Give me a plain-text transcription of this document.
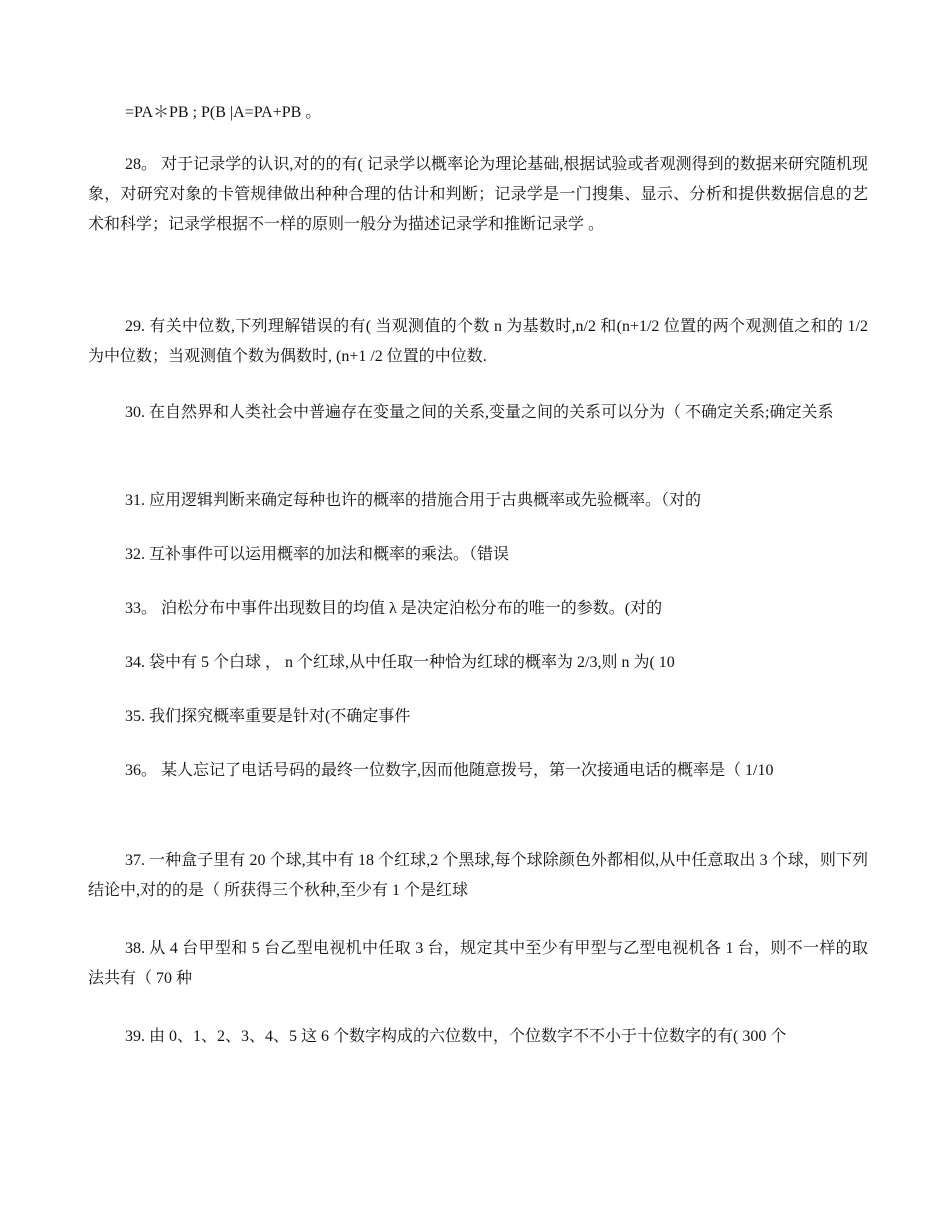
=PA＊PB ; P(B |A=PA+PB 。

28。 对于记录学的认识,对的的有( 记录学以概率论为理论基础,根据试验或者观测得到的数据来研究随机现象，对研究对象的卡管规律做出种种合理的估计和判断；记录学是一门搜集、显示、分析和提供数据信息的艺术和科学；记录学根据不一样的原则一般分为描述记录学和推断记录学 。

29. 有关中位数,下列理解错误的有( 当观测值的个数 n 为基数时,n/2 和(n+1/2 位置的两个观测值之和的 1/2 为中位数；当观测值个数为偶数时, (n+1 /2 位置的中位数.

30. 在自然界和人类社会中普遍存在变量之间的关系,变量之间的关系可以分为（ 不确定关系;确定关系

31. 应用逻辑判断来确定每种也许的概率的措施合用于古典概率或先验概率。（对的

32. 互补事件可以运用概率的加法和概率的乘法。（错误

33。 泊松分布中事件出现数目的均值 λ 是决定泊松分布的唯一的参数。(对的

34. 袋中有 5 个白球 ， n 个红球,从中任取一种恰为红球的概率为 2/3,则 n 为( 10

35. 我们探究概率重要是针对(不确定事件

36。 某人忘记了电话号码的最终一位数字,因而他随意拨号，第一次接通电话的概率是（ 1/10

37. 一种盒子里有 20 个球,其中有 18 个红球,2 个黑球,每个球除颜色外都相似,从中任意取出 3 个球，则下列结论中,对的的是（ 所获得三个秋种,至少有 1 个是红球

38. 从 4 台甲型和 5 台乙型电视机中任取 3 台，规定其中至少有甲型与乙型电视机各 1 台，则不一样的取法共有（ 70 种

39. 由 0、1、2、3、4、5 这 6 个数字构成的六位数中，个位数字不不小于十位数字的有( 300 个
